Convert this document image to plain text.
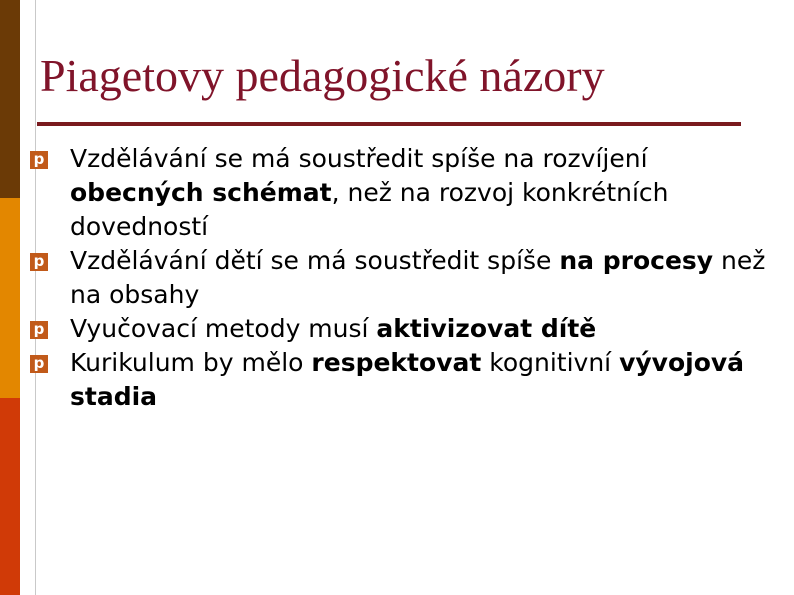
Piagetovy pedagogické názory
p Vzdělávání se má soustředit spíše na rozvíjení obecných schémat, než na rozvoj konkrétních dovedností
p Vzdělávání dětí se má soustředit spíše na procesy než na obsahy
p Vyučovací metody musí aktivizovat dítě
p Kurikulum by mělo respektovat kognitivní vývojová stadia
